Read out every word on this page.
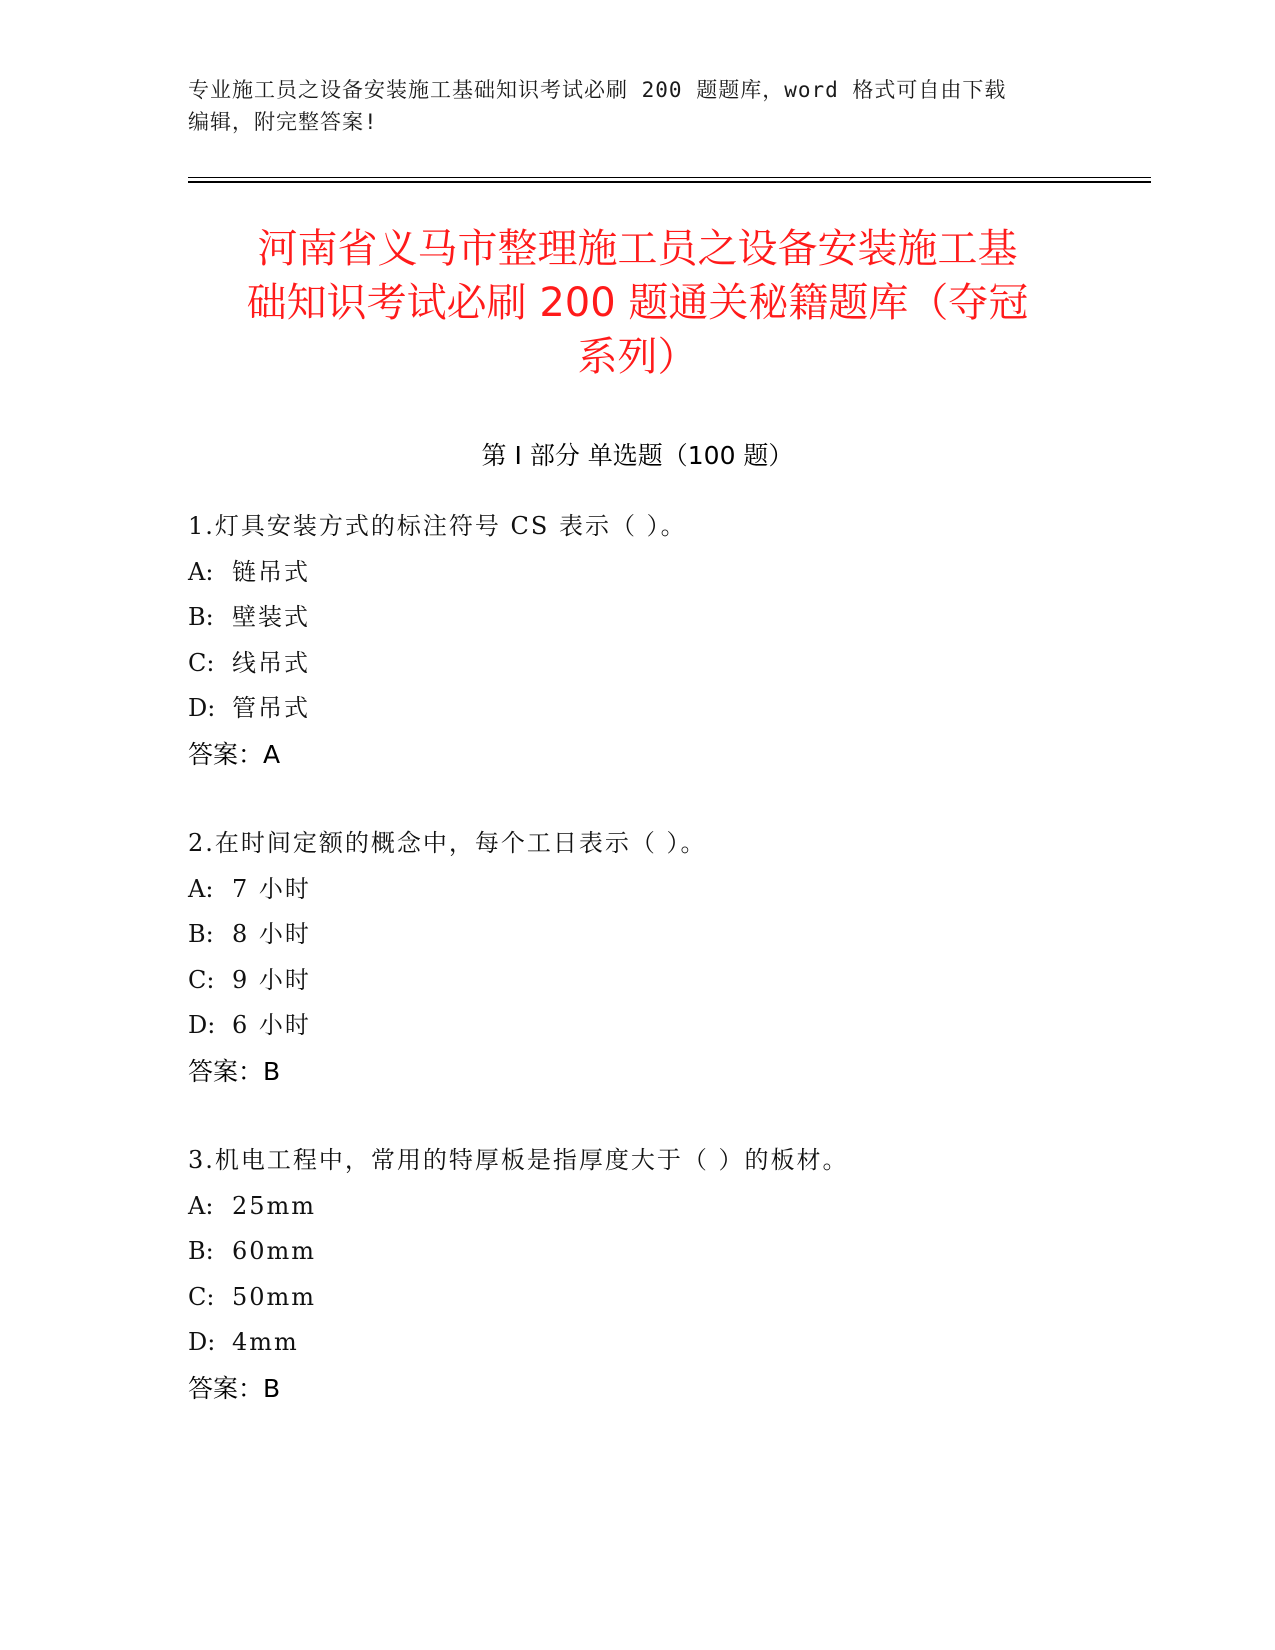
专业施工员之设备安装施工基础知识考试必刷 200 题题库，word 格式可自由下载
编辑，附完整答案!
河南省义马市整理施工员之设备安装施工基
础知识考试必刷 200 题通关秘籍题库（夺冠
系列）
第 I 部分 单选题（100 题）
1.灯具安装方式的标注符号 CS 表示（ ）。
A: 链吊式
B: 壁装式
C: 线吊式
D: 管吊式
答案：A
2.在时间定额的概念中，每个工日表示（ ）。
A: 7 小时
B: 8 小时
C: 9 小时
D: 6 小时
答案：B
3.机电工程中，常用的特厚板是指厚度大于（ ）的板材。
A: 25mm
B: 60mm
C: 50mm
D: 4mm
答案：B
